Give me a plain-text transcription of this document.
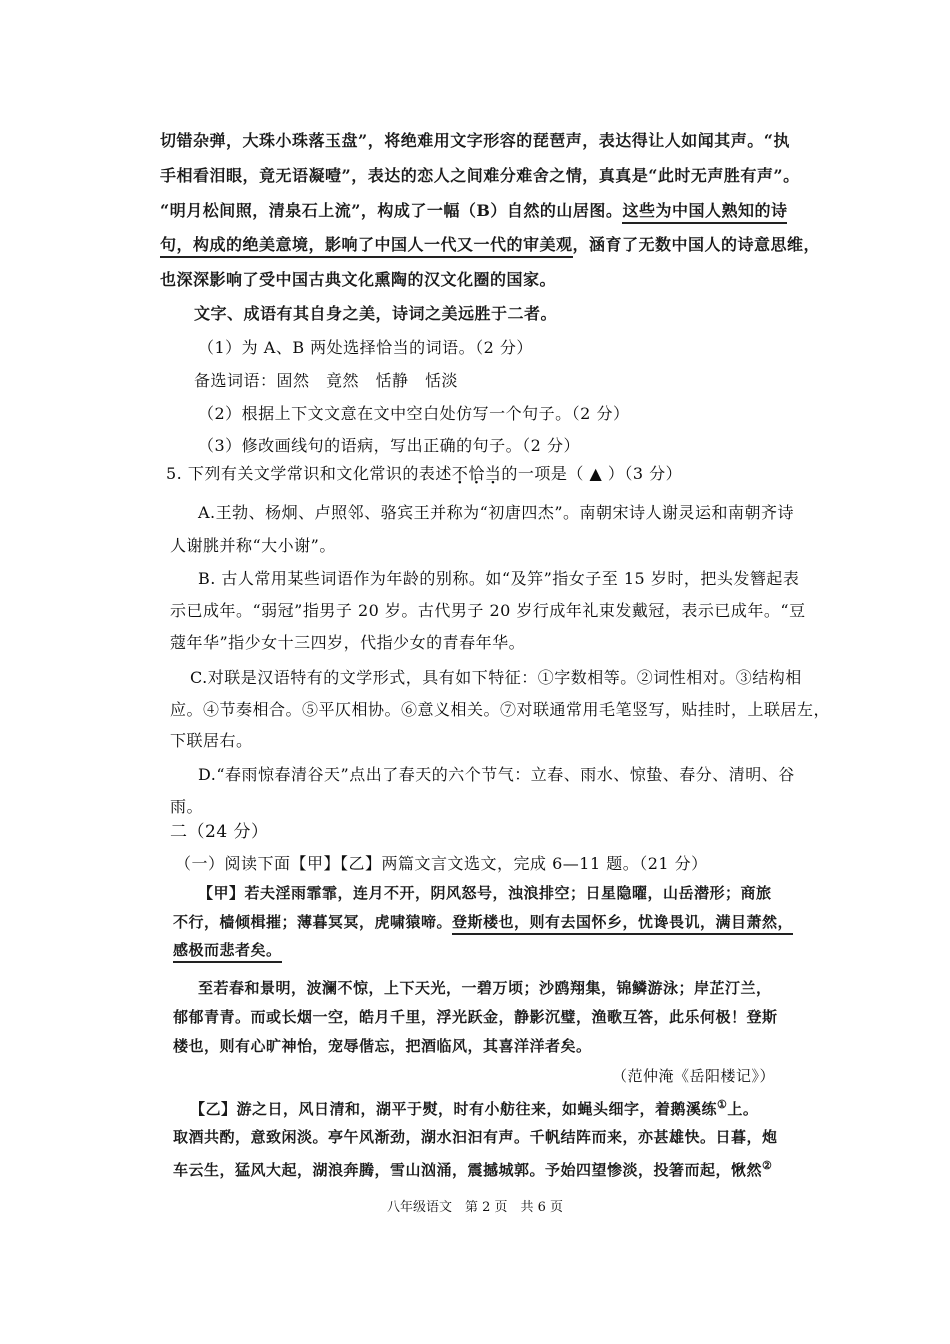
切错杂弹，大珠小珠落玉盘”，将绝难用文字形容的琵琶声，表达得让人如闻其声。“执
手相看泪眼，竟无语凝噎”，表达的恋人之间难分难舍之情，真真是“此时无声胜有声”。
“明月松间照，清泉石上流”，构成了一幅（B）自然的山居图。这些为中国人熟知的诗
句，构成的绝美意境，影响了中国人一代又一代的审美观，涵育了无数中国人的诗意思维，
也深深影响了受中国古典文化熏陶的汉文化圈的国家。
文字、成语有其自身之美，诗词之美远胜于二者。
（1）为 A、B 两处选择恰当的词语。（2 分）
备选词语：固然　竟然　恬静　恬淡
（2）根据上下文文意在文中空白处仿写一个句子。（2 分）
（3）修改画线句的语病，写出正确的句子。（2 分）
5. 下列有关文学常识和文化常识的表述不恰当的一项是（ ▲ ）（3 分）
A.王勃、杨炯、卢照邻、骆宾王并称为“初唐四杰”。南朝宋诗人谢灵运和南朝齐诗
人谢朓并称“大小谢”。
B. 古人常用某些词语作为年龄的别称。如“及笄”指女子至 15 岁时，把头发簪起表
示已成年。“弱冠”指男子 20 岁。古代男子 20 岁行成年礼束发戴冠，表示已成年。“豆
蔻年华”指少女十三四岁，代指少女的青春年华。
C.对联是汉语特有的文学形式，具有如下特征：①字数相等。②词性相对。③结构相
应。④节奏相合。⑤平仄相协。⑥意义相关。⑦对联通常用毛笔竖写，贴挂时，上联居左，
下联居右。
D.“春雨惊春清谷天”点出了春天的六个节气：立春、雨水、惊蛰、春分、清明、谷
雨。
二（24 分）
（一）阅读下面【甲】【乙】两篇文言文选文，完成 6—11 题。（21 分）
【甲】若夫淫雨霏霏，连月不开，阴风怒号，浊浪排空；日星隐曜，山岳潜形；商旅
不行，樯倾楫摧；薄暮冥冥，虎啸猿啼。登斯楼也，则有去国怀乡，忧谗畏讥，满目萧然，
感极而悲者矣。
至若春和景明，波澜不惊，上下天光，一碧万顷；沙鸥翔集，锦鳞游泳；岸芷汀兰，
郁郁青青。而或长烟一空，皓月千里，浮光跃金，静影沉璧，渔歌互答，此乐何极！登斯
楼也，则有心旷神怡，宠辱偕忘，把酒临风，其喜洋洋者矣。
（范仲淹《岳阳楼记》）
【乙】游之日，风日清和，湖平于熨，时有小舫往来，如蝇头细字，着鹅溪练①上。
取酒共酌，意致闲淡。亭午风渐劲，湖水汩汩有声。千帆结阵而来，亦甚雄快。日暮，炮
车云生，猛风大起，湖浪奔腾，雪山汹涌，震撼城郭。予始四望惨淡，投箸而起，愀然②
八年级语文　第 2 页　共 6 页
